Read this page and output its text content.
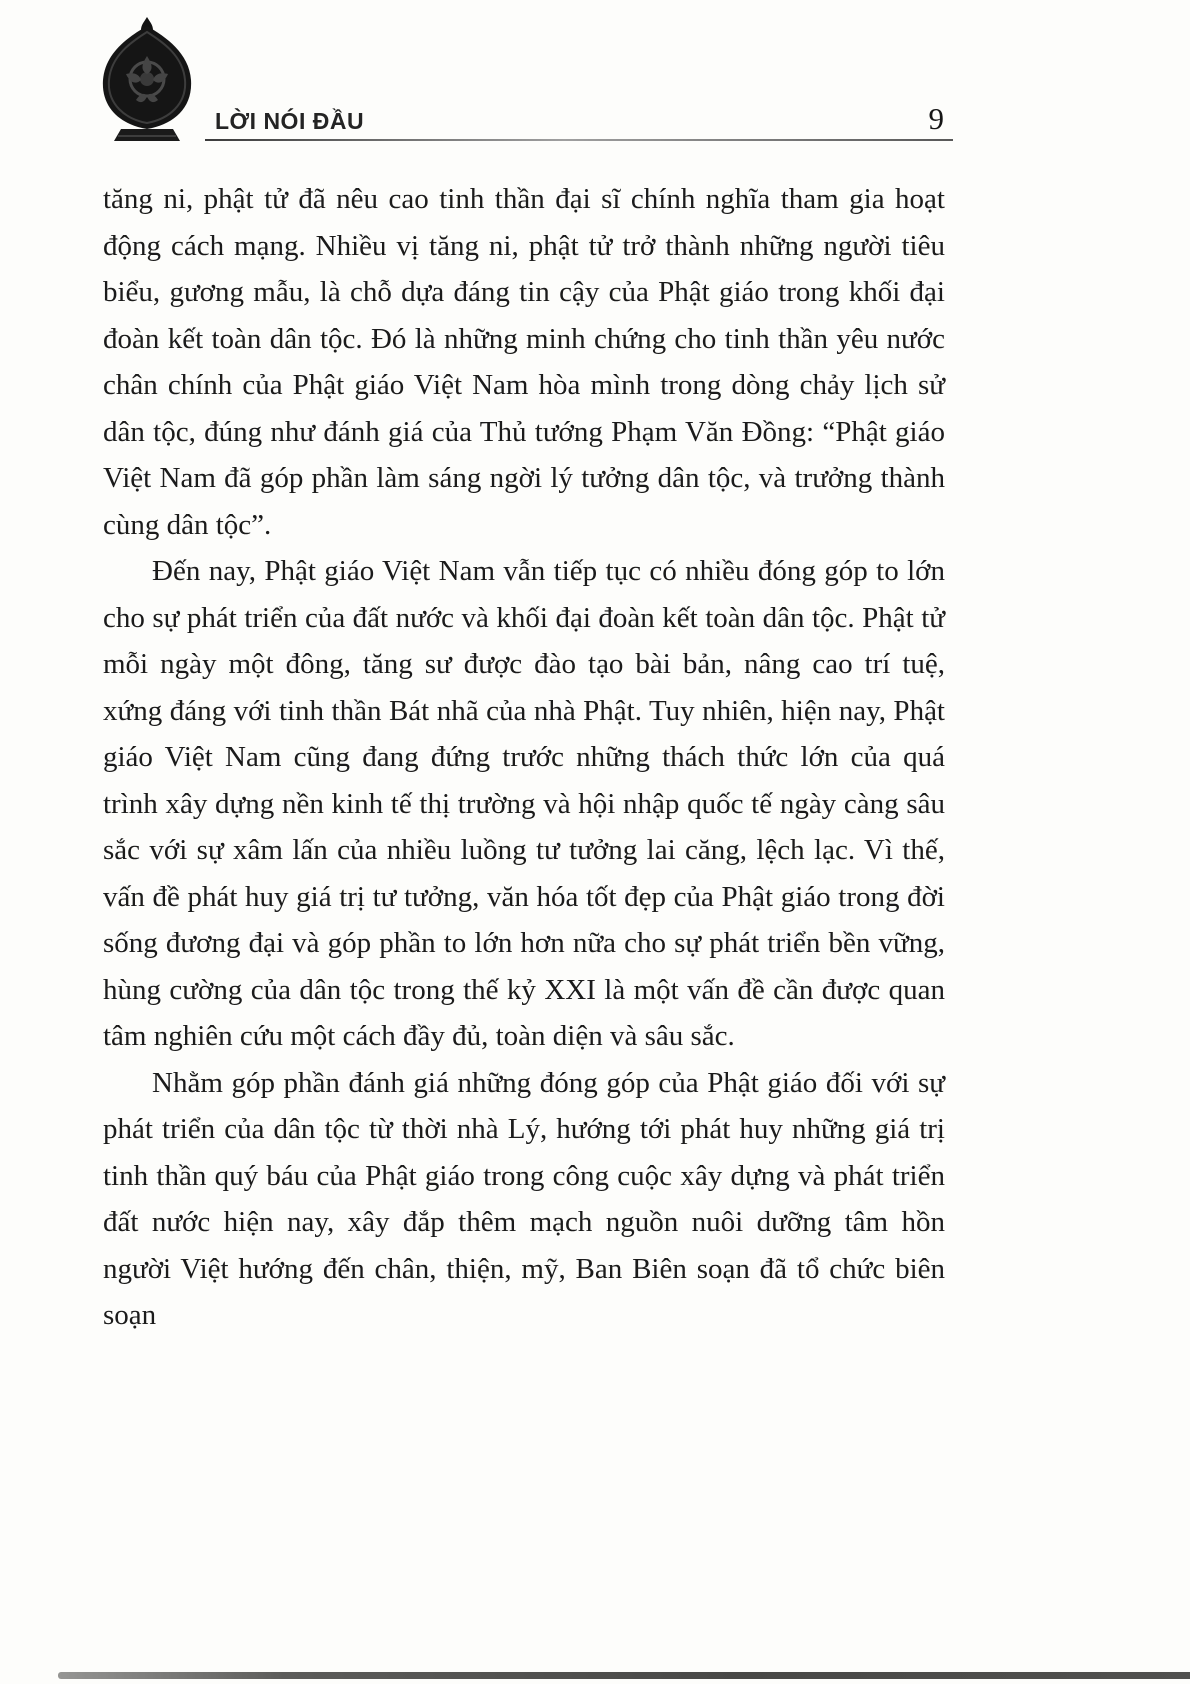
LỜI NÓI ĐẦU	9

tăng ni, phật tử đã nêu cao tinh thần đại sĩ chính nghĩa tham gia hoạt động cách mạng. Nhiều vị tăng ni, phật tử trở thành những người tiêu biểu, gương mẫu, là chỗ dựa đáng tin cậy của Phật giáo trong khối đại đoàn kết toàn dân tộc. Đó là những minh chứng cho tinh thần yêu nước chân chính của Phật giáo Việt Nam hòa mình trong dòng chảy lịch sử dân tộc, đúng như đánh giá của Thủ tướng Phạm Văn Đồng: “Phật giáo Việt Nam đã góp phần làm sáng ngời lý tưởng dân tộc, và trưởng thành cùng dân tộc”.

Đến nay, Phật giáo Việt Nam vẫn tiếp tục có nhiều đóng góp to lớn cho sự phát triển của đất nước và khối đại đoàn kết toàn dân tộc. Phật tử mỗi ngày một đông, tăng sư được đào tạo bài bản, nâng cao trí tuệ, xứng đáng với tinh thần Bát nhã của nhà Phật. Tuy nhiên, hiện nay, Phật giáo Việt Nam cũng đang đứng trước những thách thức lớn của quá trình xây dựng nền kinh tế thị trường và hội nhập quốc tế ngày càng sâu sắc với sự xâm lấn của nhiều luồng tư tưởng lai căng, lệch lạc. Vì thế, vấn đề phát huy giá trị tư tưởng, văn hóa tốt đẹp của Phật giáo trong đời sống đương đại và góp phần to lớn hơn nữa cho sự phát triển bền vững, hùng cường của dân tộc trong thế kỷ XXI là một vấn đề cần được quan tâm nghiên cứu một cách đầy đủ, toàn diện và sâu sắc.

Nhằm góp phần đánh giá những đóng góp của Phật giáo đối với sự phát triển của dân tộc từ thời nhà Lý, hướng tới phát huy những giá trị tinh thần quý báu của Phật giáo trong công cuộc xây dựng và phát triển đất nước hiện nay, xây đắp thêm mạch nguồn nuôi dưỡng tâm hồn người Việt hướng đến chân, thiện, mỹ, Ban Biên soạn đã tổ chức biên soạn
